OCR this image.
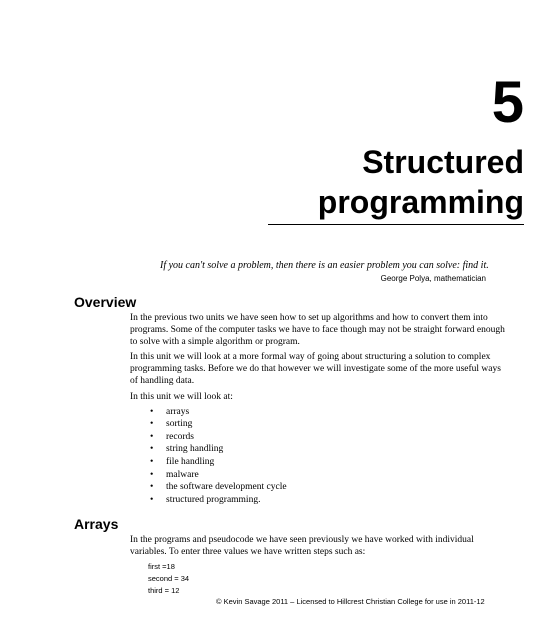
5
Structured
programming
If you can't solve a problem, then there is an easier problem you can solve: find it.
George Polya, mathematician
Overview

In the previous two units we have seen how to set up algorithms and how to convert them into programs. Some of the computer tasks we have to face though may not be straight forward enough to solve with a simple algorithm or program.

In this unit we will look at a more formal way of going about structuring a solution to complex programming tasks. Before we do that however we will investigate some of the more useful ways of handling data.

In this unit we will look at:

• arrays
• sorting
• records
• string handling
• file handling
• malware
• the software development cycle
• structured programming.
Arrays

In the programs and pseudocode we have seen previously we have worked with individual variables. To enter three values we have written steps such as:

first =18
second = 34
third = 12
© Kevin Savage 2011 – Licensed to Hillcrest Christian College for use in 2011-12
